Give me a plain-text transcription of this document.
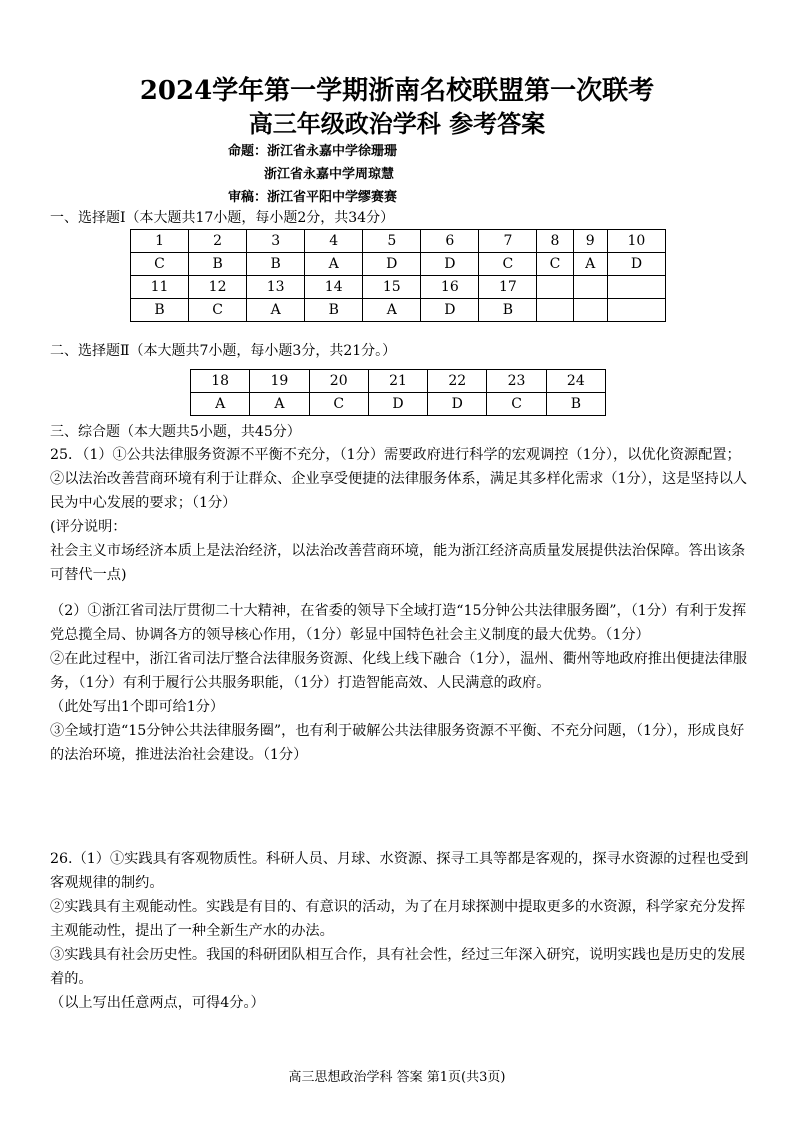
2024学年第一学期浙南名校联盟第一次联考
高三年级政治学科 参考答案
命题：浙江省永嘉中学徐珊珊
浙江省永嘉中学周琼慧
审稿：浙江省平阳中学缪赛赛
一、选择题Ⅰ（本大题共17小题，每小题2分，共34分）
1	2	3	4	5	6	7	8	9	10
C	B	B	A	D	D	C	C	A	D
11	12	13	14	15	16	17			
B	C	A	B	A	D	B			
二、选择题Ⅱ（本大题共7小题，每小题3分，共21分。）
18	19	20	21	22	23	24
A	A	C	D	D	C	B
三、综合题（本大题共5小题，共45分）

25．（1）①公共法律服务资源不平衡不充分，（1分）需要政府进行科学的宏观调控（1分），以优化资源配置；

②以法治改善营商环境有利于让群众、企业享受便捷的法律服务体系，满足其多样化需求（1分），这是坚持以人民为中心发展的要求；（1分）

(评分说明：

社会主义市场经济本质上是法治经济，以法治改善营商环境，能为浙江经济高质量发展提供法治保障。答出该条可替代一点)

（2）①浙江省司法厅贯彻二十大精神，在省委的领导下全域打造“15分钟公共法律服务圈”，（1分）有利于发挥党总揽全局、协调各方的领导核心作用，（1分）彰显中国特色社会主义制度的最大优势。（1分）

②在此过程中，浙江省司法厅整合法律服务资源、化线上线下融合（1分），温州、衢州等地政府推出便捷法律服务，（1分）有利于履行公共服务职能，（1分）打造智能高效、人民满意的政府。

（此处写出1个即可给1分）

③全域打造“15分钟公共法律服务圈”，也有利于破解公共法律服务资源不平衡、不充分问题，（1分），形成良好的法治环境，推进法治社会建设。（1分）

26.（1）①实践具有客观物质性。科研人员、月球、水资源、探寻工具等都是客观的，探寻水资源的过程也受到客观规律的制约。

②实践具有主观能动性。实践是有目的、有意识的活动，为了在月球探测中提取更多的水资源，科学家充分发挥主观能动性，提出了一种全新生产水的办法。

③实践具有社会历史性。我国的科研团队相互合作，具有社会性，经过三年深入研究，说明实践也是历史的发展着的。

（以上写出任意两点，可得4分。）

高三思想政治学科 答案 第1页(共3页)
